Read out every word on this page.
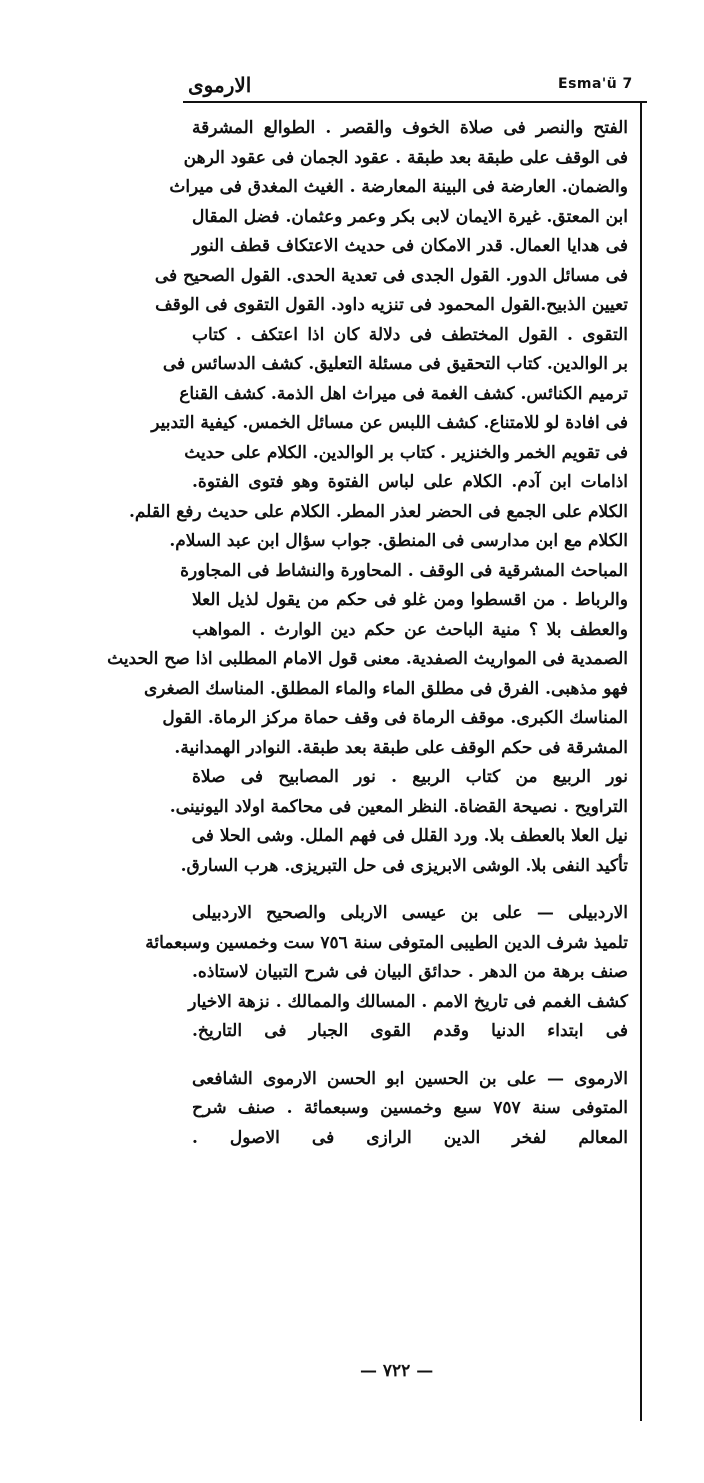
Esma'ü 7
الارموى
الفتح والنصر فى صلاة الخوف والقصر . الطوالع المشرقة
فى الوقف على طبقة بعد طبقة . عقود الجمان فى عقود الرهن
والضمان. العارضة فى البينة المعارضة . الغيث المغدق فى ميراث
ابن المعتق. غيرة الايمان لابى بكر وعمر وعثمان. فضل المقال
فى هدايا العمال. قدر الامكان فى حديث الاعتكاف قطف النور
فى مسائل الدور. القول الجدى فى تعدية الحدى. القول الصحيح فى
تعيين الذبيح.القول المحمود فى تنزيه داود. القول التقوى فى الوقف
التقوى . القول المختطف فى دلالة كان اذا اعتكف . كتاب
بر الوالدين. كتاب التحقيق فى مسئلة التعليق. كشف الدسائس فى
ترميم الكنائس. كشف الغمة فى ميراث اهل الذمة. كشف القناع
فى افادة لو للامتناع. كشف اللبس عن مسائل الخمس. كيفية التدبير
فى تقويم الخمر والخنزير . كتاب بر الوالدين. الكلام على حديث
اذامات ابن آدم. الكلام على لباس الفتوة وهو فتوى الفتوة.
الكلام على الجمع فى الحضر لعذر المطر. الكلام على حديث رفع القلم.
الكلام مع ابن مدارسى فى المنطق. جواب سؤال ابن عبد السلام.
المباحث المشرقية فى الوقف . المحاورة والنشاط فى المجاورة
والرباط . من اقسطوا ومن غلو فى حكم من يقول لذيل العلا
والعطف بلا ؟ منية الباحث عن حكم دين الوارث . المواهب
الصمدية فى المواريث الصفدية. معنى قول الامام المطلبى اذا صح الحديث
فهو مذهبى. الفرق فى مطلق الماء والماء المطلق. المناسك الصغرى
المناسك الكبرى. موقف الرماة فى وقف حماة مركز الرماة. القول
المشرقة فى حكم الوقف على طبقة بعد طبقة. النوادر الهمدانية.
نور الربيع من كتاب الربيع . نور المصابيح فى صلاة
التراويح . نصيحة القضاة. النظر المعين فى محاكمة اولاد اليونينى.
نيل العلا بالعطف بلا. ورد القلل فى فهم الملل. وشى الحلا فى
تأكيد النفى بلا. الوشى الابريزى فى حل التبريزى. هرب السارق.
الاردبيلى — على بن عيسى الاربلى والصحيح الاردبيلى
تلميذ شرف الدين الطيبى المتوفى سنة ٧٥٦ ست وخمسين وسبعمائة
صنف برهة من الدهر . حدائق البيان فى شرح التبيان لاستاذه.
كشف الغمم فى تاريخ الامم . المسالك والممالك . نزهة الاخيار
فى ابتداء الدنيا وقدم القوى الجبار فى التاريخ.
الارموى — على بن الحسين ابو الحسن الارموى الشافعى
المتوفى سنة ٧٥٧ سبع وخمسين وسبعمائة . صنف شرح
المعالم لفخر الدين الرازى فى الاصول .
— ٧٢٢ —
